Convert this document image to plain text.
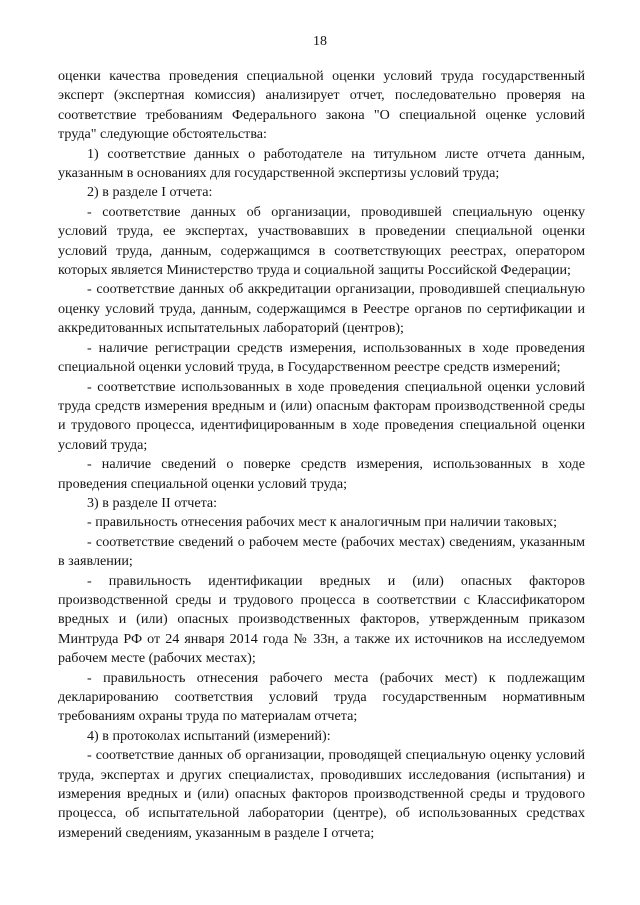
18

оценки качества проведения специальной оценки условий труда государственный эксперт (экспертная комиссия) анализирует отчет, последовательно проверяя на соответствие требованиям Федерального закона "О специальной оценке условий труда" следующие обстоятельства:

1) соответствие данных о работодателе на титульном листе отчета данным, указанным в основаниях для государственной экспертизы условий труда;

2) в разделе I отчета:

- соответствие данных об организации, проводившей специальную оценку условий труда, ее экспертах, участвовавших в проведении специальной оценки условий труда, данным, содержащимся в соответствующих реестрах, оператором которых является Министерство труда и социальной защиты Российской Федерации;

- соответствие данных об аккредитации организации, проводившей специальную оценку условий труда, данным, содержащимся в Реестре органов по сертификации и аккредитованных испытательных лабораторий (центров);

- наличие регистрации средств измерения, использованных в ходе проведения специальной оценки условий труда, в Государственном реестре средств измерений;

- соответствие использованных в ходе проведения специальной оценки условий труда средств измерения вредным и (или) опасным факторам производственной среды и трудового процесса, идентифицированным в ходе проведения специальной оценки условий труда;

- наличие сведений о поверке средств измерения, использованных в ходе проведения специальной оценки условий труда;

3) в разделе II отчета:

- правильность отнесения рабочих мест к аналогичным при наличии таковых;

- соответствие сведений о рабочем месте (рабочих местах) сведениям, указанным в заявлении;

- правильность идентификации вредных и (или) опасных факторов производственной среды и трудового процесса в соответствии с Классификатором вредных и (или) опасных производственных факторов, утвержденным приказом Минтруда РФ от 24 января 2014 года № 33н, а также их источников на исследуемом рабочем месте (рабочих местах);

- правильность отнесения рабочего места (рабочих мест) к подлежащим декларированию соответствия условий труда государственным нормативным требованиям охраны труда по материалам отчета;

4) в протоколах испытаний (измерений):

- соответствие данных об организации, проводящей специальную оценку условий труда, экспертах и других специалистах, проводивших исследования (испытания) и измерения вредных и (или) опасных факторов производственной среды и трудового процесса, об испытательной лаборатории (центре), об использованных средствах измерений сведениям, указанным в разделе I отчета;
